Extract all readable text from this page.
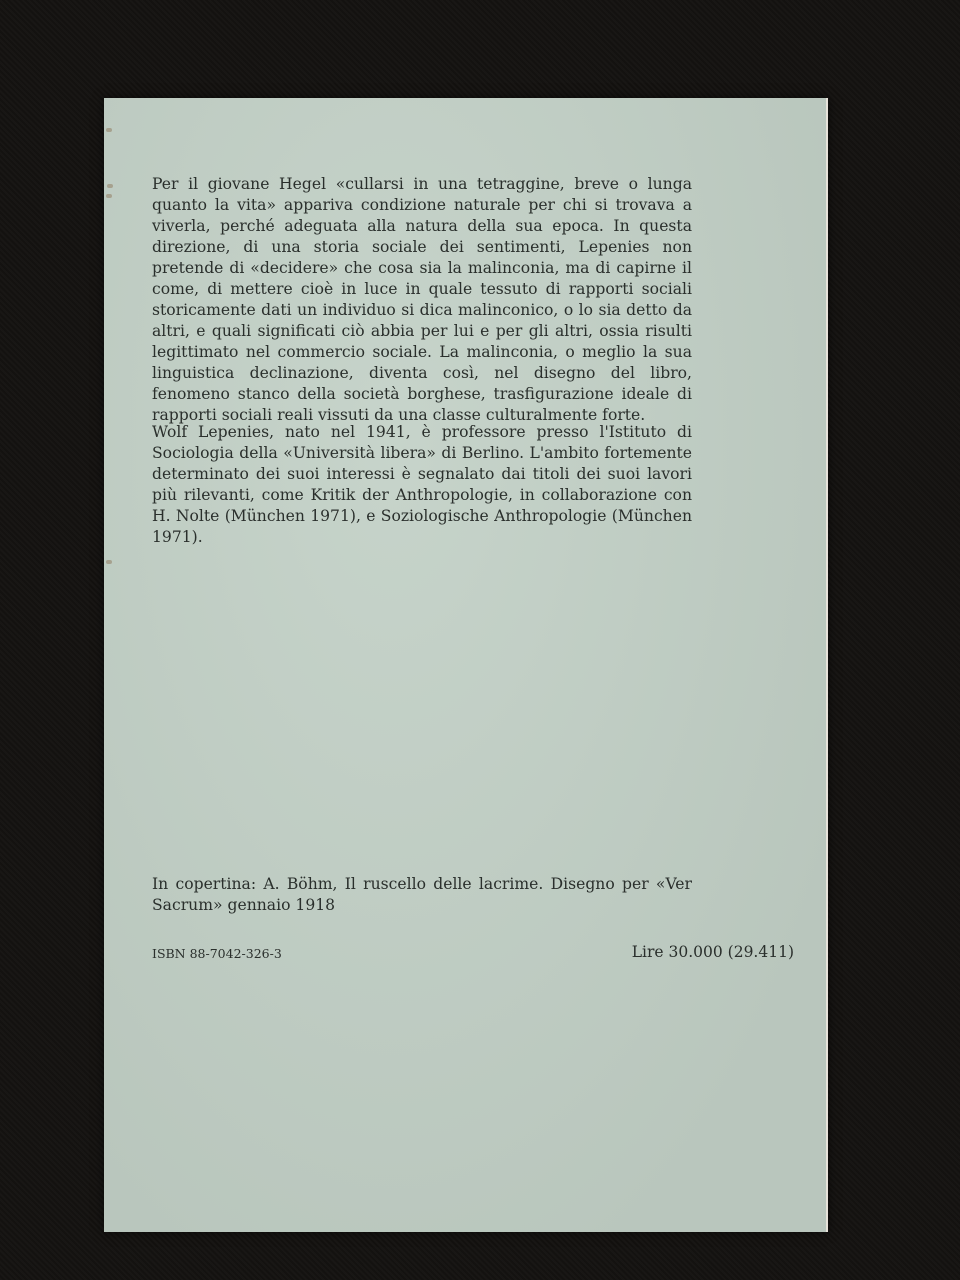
Per il giovane Hegel «cullarsi in una tetraggine, breve o lunga quanto la vita» appariva condizione naturale per chi si trovava a viverla, perché adeguata alla natura della sua epoca. In questa direzione, di una storia sociale dei sentimenti, Lepenies non pretende di «decidere» che cosa sia la malinconia, ma di capirne il come, di mettere cioè in luce in quale tessuto di rapporti sociali storicamente dati un individuo si dica malinconico, o lo sia detto da altri, e quali significati ciò abbia per lui e per gli altri, ossia risulti legittimato nel commercio sociale. La malinconia, o meglio la sua linguistica declinazione, diventa così, nel disegno del libro, fenomeno stanco della società borghese, trasfigurazione ideale di rapporti sociali reali vissuti da una classe culturalmente forte.

Wolf Lepenies, nato nel 1941, è professore presso l'Istituto di Sociologia della «Università libera» di Berlino. L'ambito fortemente determinato dei suoi interessi è segnalato dai titoli dei suoi lavori più rilevanti, come Kritik der Anthropologie, in collaborazione con H. Nolte (München 1971), e Soziologische Anthropologie (München 1971).

In copertina: A. Böhm, Il ruscello delle lacrime. Disegno per «Ver Sacrum» gennaio 1918

ISBN 88-7042-326-3	Lire 30.000 (29.411)
